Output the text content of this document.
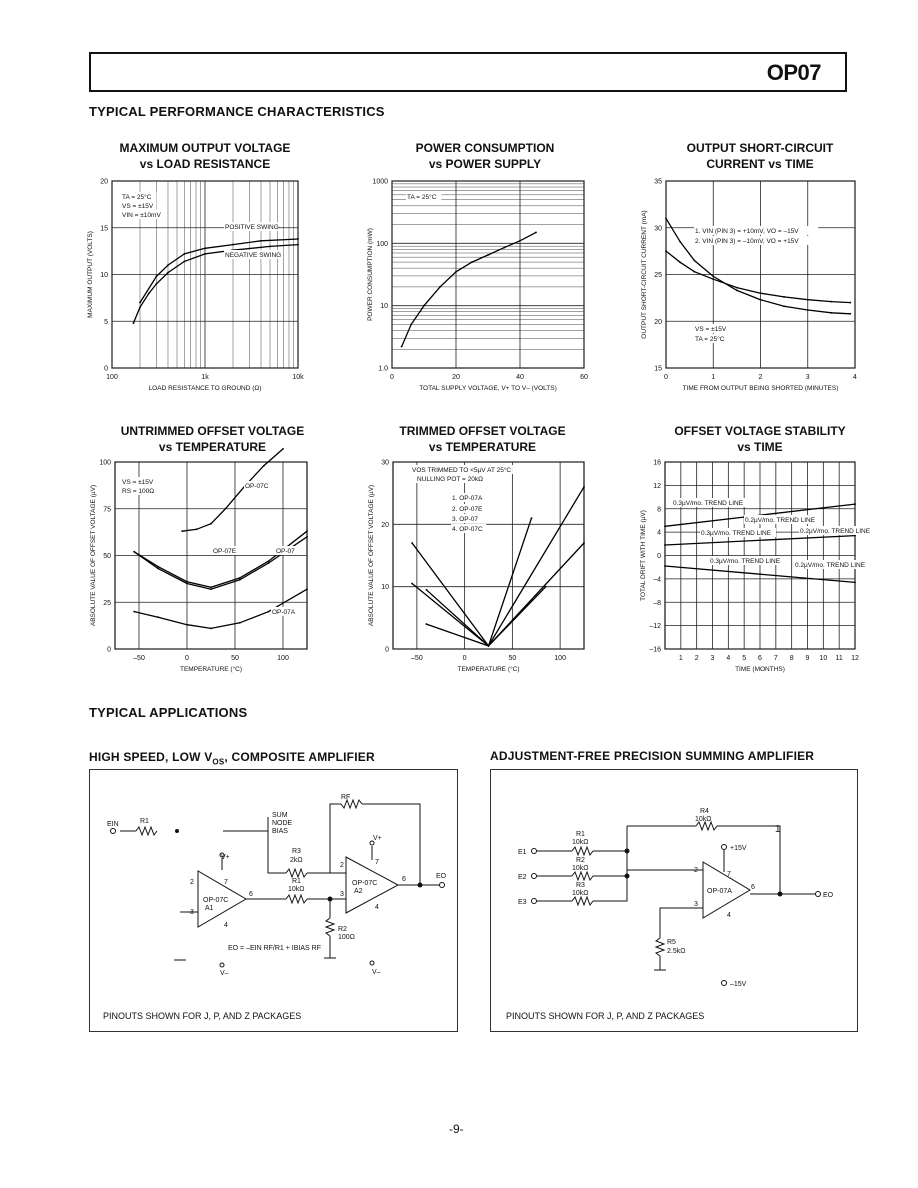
OP07
TYPICAL PERFORMANCE CHARACTERISTICS
TYPICAL APPLICATIONS
MAXIMUM OUTPUT VOLTAGE
vs LOAD RESISTANCE
POWER CONSUMPTION
vs POWER SUPPLY
OUTPUT SHORT-CIRCUIT
CURRENT vs TIME
UNTRIMMED OFFSET VOLTAGE
vs TEMPERATURE
TRIMMED OFFSET VOLTAGE
vs TEMPERATURE
OFFSET VOLTAGE STABILITY
vs TIME
100	1k	10k
0
5
10
15
20
LOAD RESISTANCE TO GROUND (Ω)
MAXIMUM OUTPUT (VOLTS)
TA = 25°C
VS = ±15V
VIN = ±10mV
POSITIVE SWING
NEGATIVE SWING
0	20	40	60
1.0
10
100
1000
TOTAL SUPPLY VOLTAGE, V+ TO V– (VOLTS)
POWER CONSUMPTION (mW)
TA = 25°C
0	1	2	3	4
15
20
25
30
35
TIME FROM OUTPUT BEING SHORTED (MINUTES)
OUTPUT SHORT-CIRCUIT CURRENT (mA)	1. VIN (PIN 3) = +10mV, VO = –15V
2. VIN (PIN 3) = –10mV, VO = +15V
VS = ±15V
TA = 25°C
–50	0	50	100
0
25
50
75
100
TEMPERATURE (°C)
ABSOLUTE VALUE OF OFFSET VOLTAGE (µV)
VS = ±15V
RS = 100Ω
OP-07C
OP-07E	OP-07
OP-07A
–50	0	50	100
0
10
20
30
TEMPERATURE (°C)
ABSOLUTE VALUE OF OFFSET VOLTAGE (µV)
VOS TRIMMED TO <5µV AT 25°C
NULLING POT = 20kΩ
1. OP-07A
2. OP-07E
3. OP-07
4. OP-07C
1 2 3 4 5 6 7 8 9 10 11 12
–16
–12
–8
–4
0
4
8
12
16
TIME (MONTHS)
TOTAL DRIFT WITH TIME (µV)
0.3µV/mo. TREND LINE
0.2µV/mo. TREND LINE
0.3µV/mo. TREND LINE	0.2µV/mo. TREND LINE
0.3µV/mo. TREND LINE
0.2µV/mo. TREND LINE
HIGH SPEED, LOW $V_{OS}$, COMPOSITE AMPLIFIER	ADJUSTMENT-FREE PRECISION SUMMING AMPLIFIER
PINOUTS SHOWN FOR J, P, AND Z PACKAGES	PINOUTS SHOWN FOR J, P, AND Z PACKAGES
EIN	R1
RF
SUM
NODE
BIAS
R3
2kΩ
R1
10kΩ
R2
100Ω
OP-07C
A1
OP-07C
A2
EO
V+
V–
V+
V–
EO = –EIN RF/R1 + IBIAS RF
2
3
6
7
4
2
3
6
7
4
R4
10kΩ
R1
10kΩ
R2
10kΩ
R3
10kΩ
E1
E2
E3
OP-07A
EO
R5
2.5kΩ
+15V
–15V
1
2
3
6
7
4
-9-
